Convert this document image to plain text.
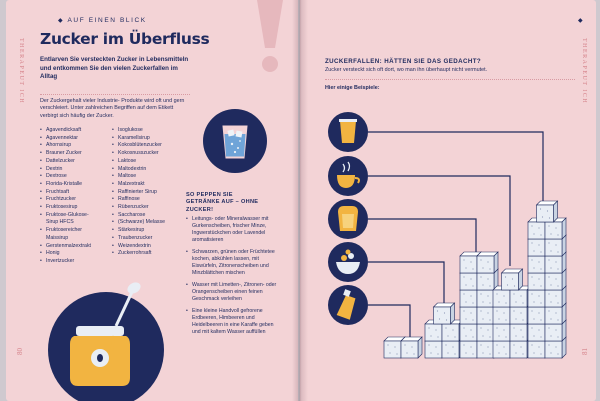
◆ AUF EINEN BLICK
THERAPEUT ICH Zucker im Überfluss
Entlarven Sie versteckten Zucker in Lebensmitteln und entkommen Sie den vielen Zuckerfallen im Alltag
Der Zuckergehalt vieler Industrie- Produkte wird oft und gern verschleiert. Unter zahlreichen Begriffen auf dem Etikett verbirgt sich häufig der Zucker.
• Agavendicksaft
• Agavennektar
• Ahornsirup
• Brauner Zucker
• Dattelzucker
• Dextrin
• Dextrose
• Florida-Kristalle
• Fruchtsaft
• Fruchtzucker
• Fruktosesirup
• Fruktose-Glukose-
Sirup HFCS
• Fruktosereicher
Maissirup
• Gerstenmalzextrakt
• Honig
• Invertzucker
• Isoglukose
• Karamellsirup
• Kokosblütenzucker
• Kokosnusszucker
• Laktose
• Maltodextrin
• Maltose
• Malzextrakt
• Raffinierter Sirup
• Raffinose
• Rübenzucker
• Saccharose
• (Schwarze) Melasse
• Stärkesirup
• Traubenzucker
• Weizendextrin
• Zuckerrohrsaft
SO PEPPEN SIE GETRÄNKE AUF – OHNE ZUCKER!
• Leitungs- oder Mineralwasser mit Gurkenscheiben, frischer Minze, Ingwerstückchen oder Lavendel aromatisieren
• Schwarzen, grünen oder Früchtetee kochen, abkühlen lassen, mit Eiswürfeln, Zitronenscheiben und Minzblättchen mischen
• Wasser mit Limetten-, Zitronen- oder Orangenscheiben einen feinen Geschmack verleihen
• Eine kleine Handvoll gefrorene Erdbeeren, Himbeeren und Heidelbeeren in eine Karaffe geben und mit kaltem Wasser auffüllen
80
◆
THERAPEUT ICH
ZUCKERFALLEN: HÄTTEN SIE DAS GEDACHT?
Zucker versteckt sich oft dort, wo man ihn überhaupt nicht vermutet.
Hier einige Beispiele:
81
